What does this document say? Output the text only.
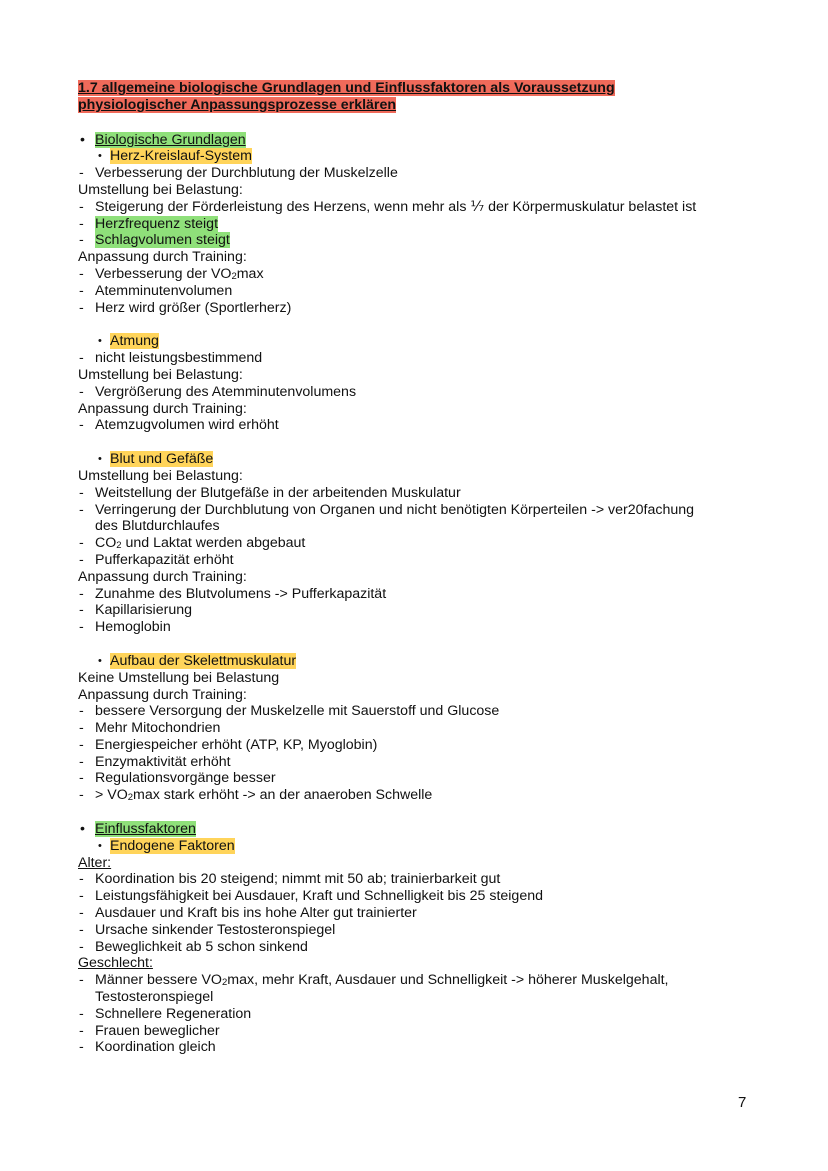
1.7 allgemeine biologische Grundlagen und Einflussfaktoren als Voraussetzung
physiologischer Anpassungsprozesse erklären
• Biologische Grundlagen
• Herz-Kreislauf-System
- Verbesserung der Durchblutung der Muskelzelle
Umstellung bei Belastung:
- Steigerung der Förderleistung des Herzens, wenn mehr als ⅐ der Körpermuskulatur belastet ist
- Herzfrequenz steigt
- Schlagvolumen steigt
Anpassung durch Training:
- Verbesserung der $VO_2\max$
- Atemminutenvolumen
- Herz wird größer (Sportlerherz)
• Atmung
- nicht leistungsbestimmend
Umstellung bei Belastung:
- Vergrößerung des Atemminutenvolumens
Anpassung durch Training:
- Atemzugvolumen wird erhöht
• Blut und Gefäße
Umstellung bei Belastung:
- Weitstellung der Blutgefäße in der arbeitenden Muskulatur
- Verringerung der Durchblutung von Organen und nicht benötigten Körperteilen -> ver20fachung
des Blutdurchlaufes
- $CO_2$ und Laktat werden abgebaut
- Pufferkapazität erhöht
Anpassung durch Training:
- Zunahme des Blutvolumens -> Pufferkapazität
- Kapillarisierung
- Hemoglobin
• Aufbau der Skelettmuskulatur
Keine Umstellung bei Belastung
Anpassung durch Training:
- bessere Versorgung der Muskelzelle mit Sauerstoff und Glucose
- Mehr Mitochondrien
- Energiespeicher erhöht (ATP, KP, Myoglobin)
- Enzymaktivität erhöht
- Regulationsvorgänge besser
- > $VO_2\max$ stark erhöht -> an der anaeroben Schwelle
• Einflussfaktoren
• Endogene Faktoren
Alter:
- Koordination bis 20 steigend; nimmt mit 50 ab; trainierbarkeit gut
- Leistungsfähigkeit bei Ausdauer, Kraft und Schnelligkeit bis 25 steigend
- Ausdauer und Kraft bis ins hohe Alter gut trainierter
- Ursache sinkender Testosteronspiegel
- Beweglichkeit ab 5 schon sinkend
Geschlecht:
- Männer bessere $VO_2\max$, mehr Kraft, Ausdauer und Schnelligkeit -> höherer Muskelgehalt,
Testosteronspiegel
- Schnellere Regeneration
- Frauen beweglicher
- Koordination gleich
7
